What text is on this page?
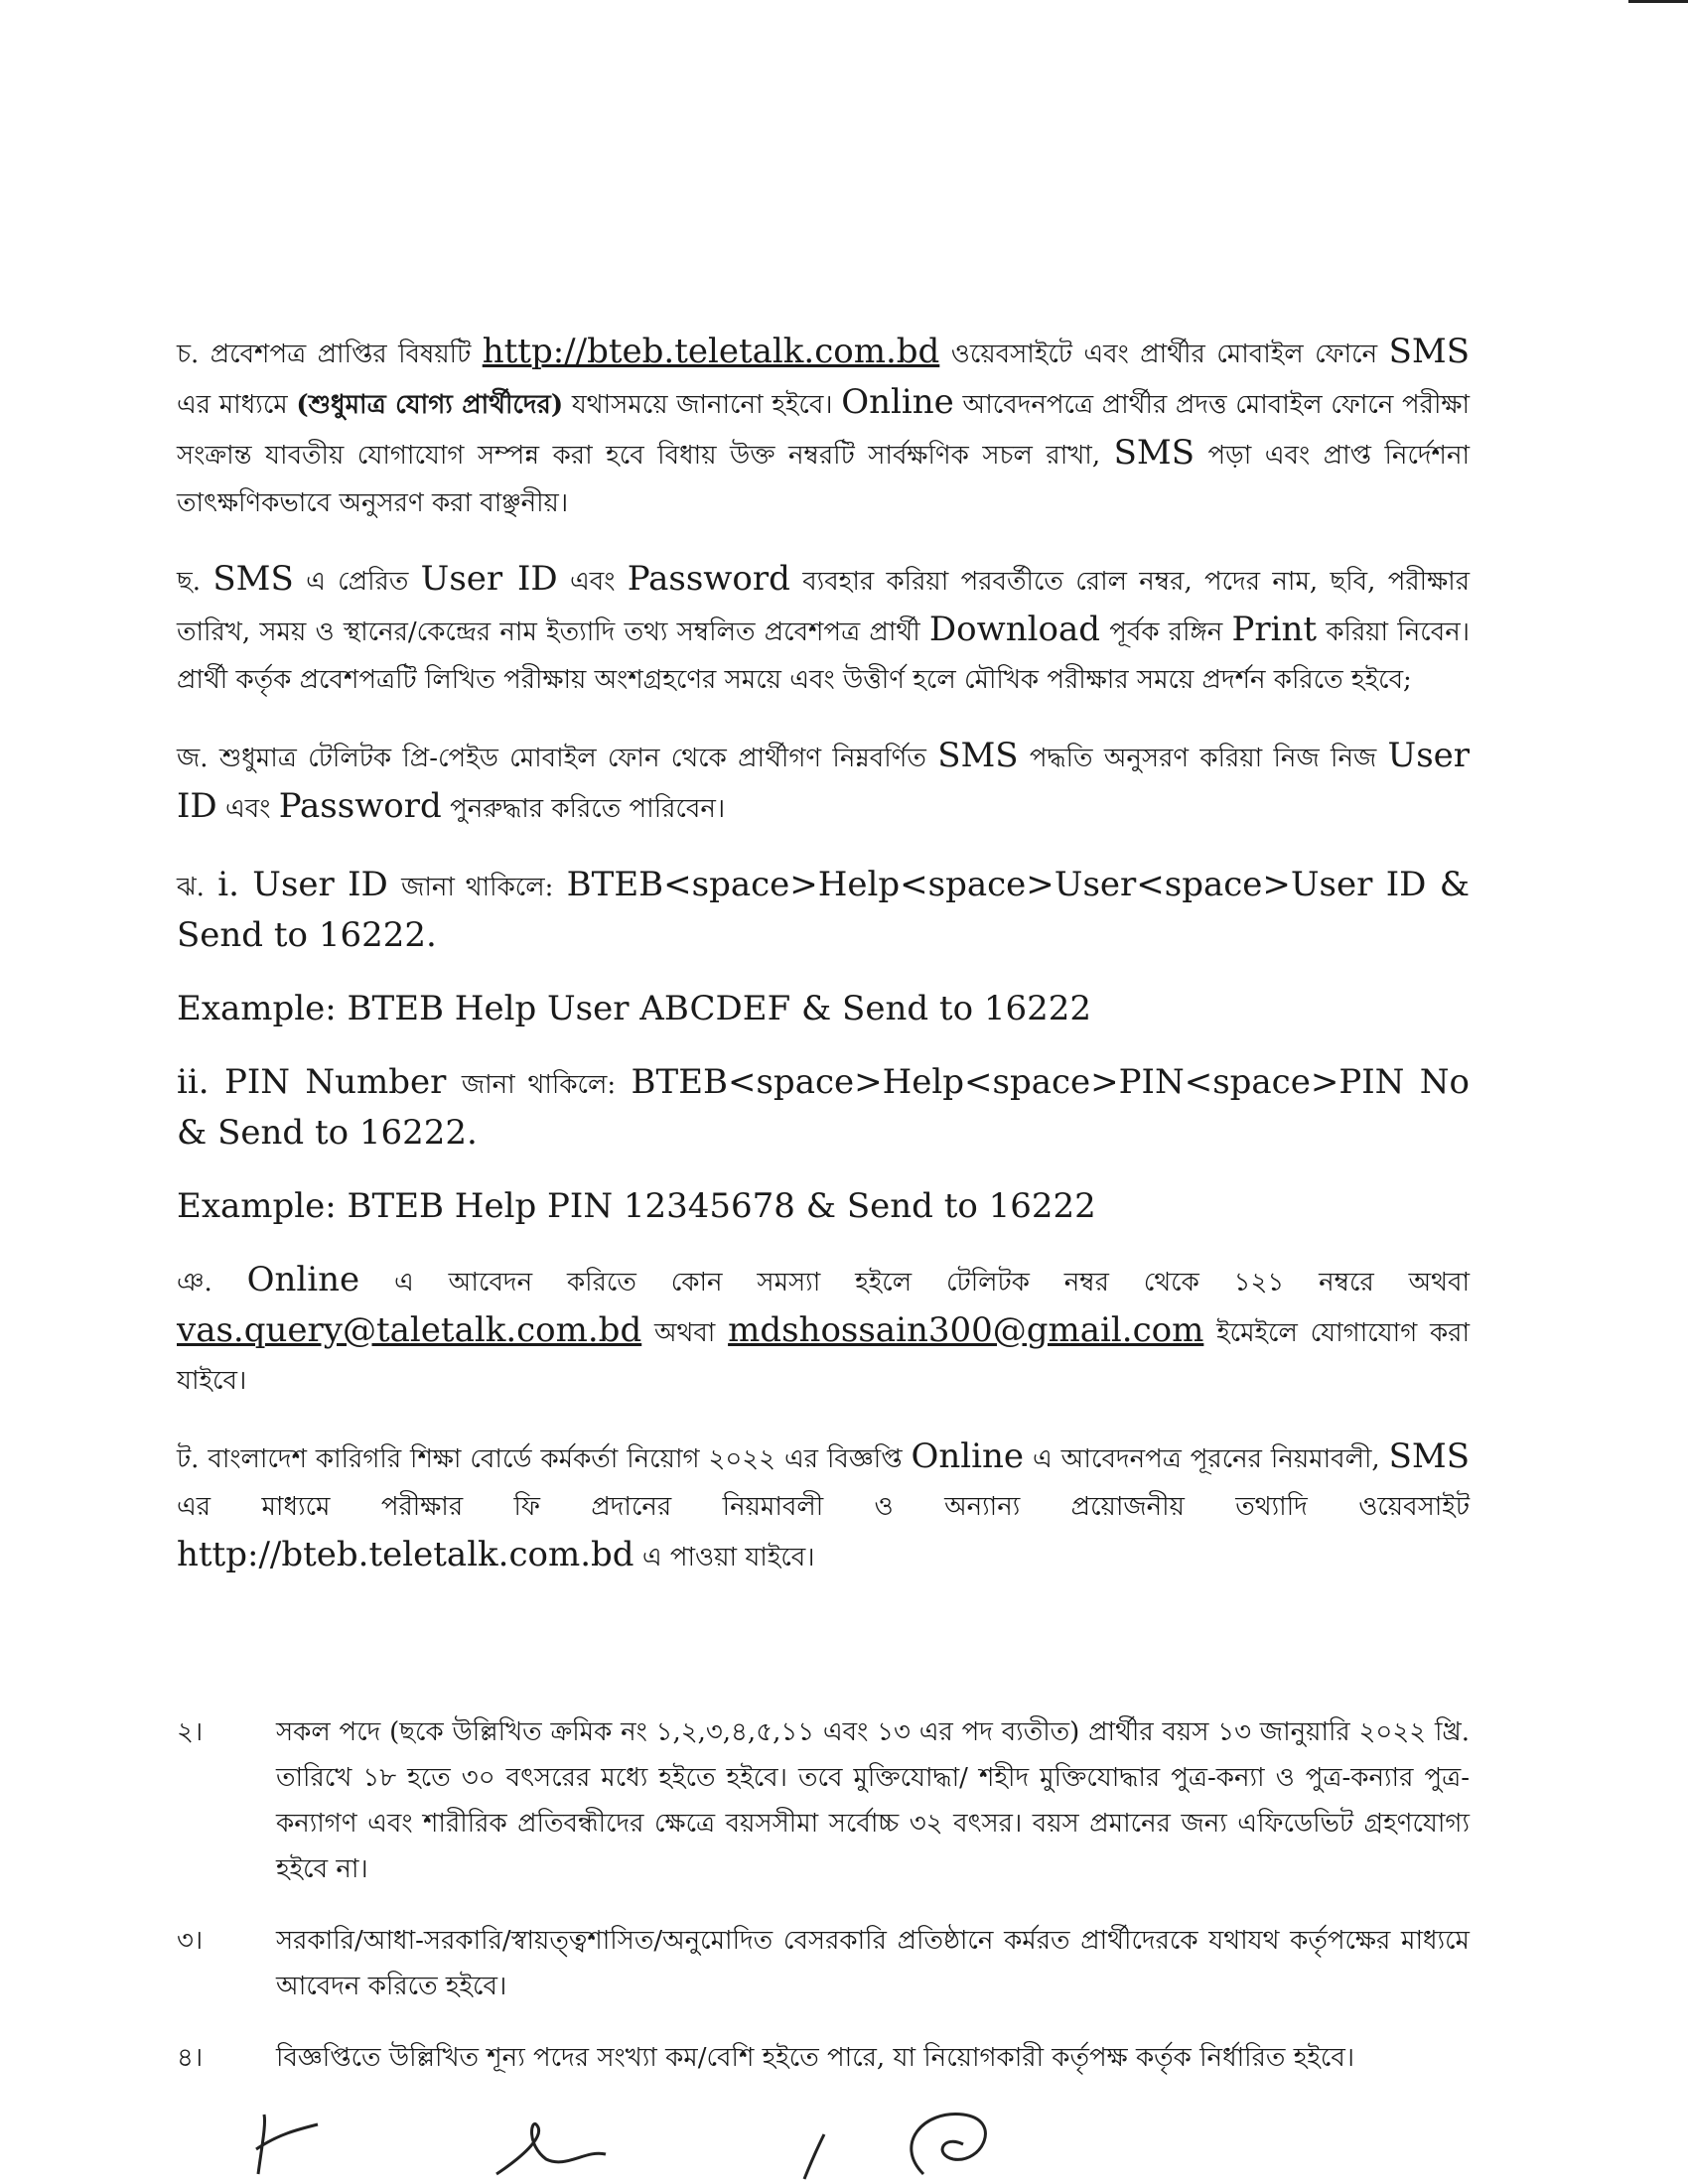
চ. প্রবেশপত্র প্রাপ্তির বিষয়টি http://bteb.teletalk.com.bd ওয়েবসাইটে এবং প্রার্থীর মোবাইল ফোনে SMS এর মাধ্যমে (শুধুমাত্র যোগ্য প্রার্থীদের) যথাসময়ে জানানো হইবে। Online আবেদনপত্রে প্রার্থীর প্রদত্ত মোবাইল ফোনে পরীক্ষা সংক্রান্ত যাবতীয় যোগাযোগ সম্পন্ন করা হবে বিধায় উক্ত নম্বরটি সার্বক্ষণিক সচল রাখা, SMS পড়া এবং প্রাপ্ত নির্দেশনা তাৎক্ষণিকভাবে অনুসরণ করা বাঞ্ছনীয়।

ছ. SMS এ প্রেরিত User ID এবং Password ব্যবহার করিয়া পরবর্তীতে রোল নম্বর, পদের নাম, ছবি, পরীক্ষার তারিখ, সময় ও স্থানের/কেন্দ্রের নাম ইত্যাদি তথ্য সম্বলিত প্রবেশপত্র প্রার্থী Download পূর্বক রঙ্গিন Print করিয়া নিবেন। প্রার্থী কর্তৃক প্রবেশপত্রটি লিখিত পরীক্ষায় অংশগ্রহণের সময়ে এবং উত্তীর্ণ হলে মৌখিক পরীক্ষার সময়ে প্রদর্শন করিতে হইবে;

জ. শুধুমাত্র টেলিটক প্রি-পেইড মোবাইল ফোন থেকে প্রার্থীগণ নিম্নবর্ণিত SMS পদ্ধতি অনুসরণ করিয়া নিজ নিজ User ID এবং Password পুনরুদ্ধার করিতে পারিবেন।

ঝ. i. User ID জানা থাকিলে: BTEB<space>Help<space>User<space>User ID & Send to 16222.

Example: BTEB Help User ABCDEF & Send to 16222

ii. PIN Number জানা থাকিলে: BTEB<space>Help<space>PIN<space>PIN No & Send to 16222.

Example: BTEB Help PIN 12345678 & Send to 16222

ঞ. Online এ আবেদন করিতে কোন সমস্যা হইলে টেলিটক নম্বর থেকে ১২১ নম্বরে অথবা vas.query@taletalk.com.bd অথবা mdshossain300@gmail.com ইমেইলে যোগাযোগ করা যাইবে।

ট. বাংলাদেশ কারিগরি শিক্ষা বোর্ডে কর্মকর্তা নিয়োগ ২০২২ এর বিজ্ঞপ্তি Online এ আবেদনপত্র পূরনের নিয়মাবলী, SMS এর মাধ্যমে পরীক্ষার ফি প্রদানের নিয়মাবলী ও অন্যান্য প্রয়োজনীয় তথ্যাদি ওয়েবসাইট http://bteb.teletalk.com.bd এ পাওয়া যাইবে।

২।	সকল পদে (ছকে উল্লিখিত ক্রমিক নং ১,২,৩,৪,৫,১১ এবং ১৩ এর পদ ব্যতীত) প্রার্থীর বয়স ১৩ জানুয়ারি ২০২২ খ্রি. তারিখে ১৮ হতে ৩০ বৎসরের মধ্যে হইতে হইবে। তবে মুক্তিযোদ্ধা/ শহীদ মুক্তিযোদ্ধার পুত্র-কন্যা ও পুত্র-কন্যার পুত্র-কন্যাগণ এবং শারীরিক প্রতিবন্ধীদের ক্ষেত্রে বয়সসীমা সর্বোচ্চ ৩২ বৎসর। বয়স প্রমানের জন্য এফিডেভিট গ্রহণযোগ্য হইবে না।
৩।	সরকারি/আধা-সরকারি/স্বায়ত্ত্বশাসিত/অনুমোদিত বেসরকারি প্রতিষ্ঠানে কর্মরত প্রার্থীদেরকে যথাযথ কর্তৃপক্ষের মাধ্যমে আবেদন করিতে হইবে।
৪।	বিজ্ঞপ্তিতে উল্লিখিত শূন্য পদের সংখ্যা কম/বেশি হইতে পারে, যা নিয়োগকারী কর্তৃপক্ষ কর্তৃক নির্ধারিত হইবে।
